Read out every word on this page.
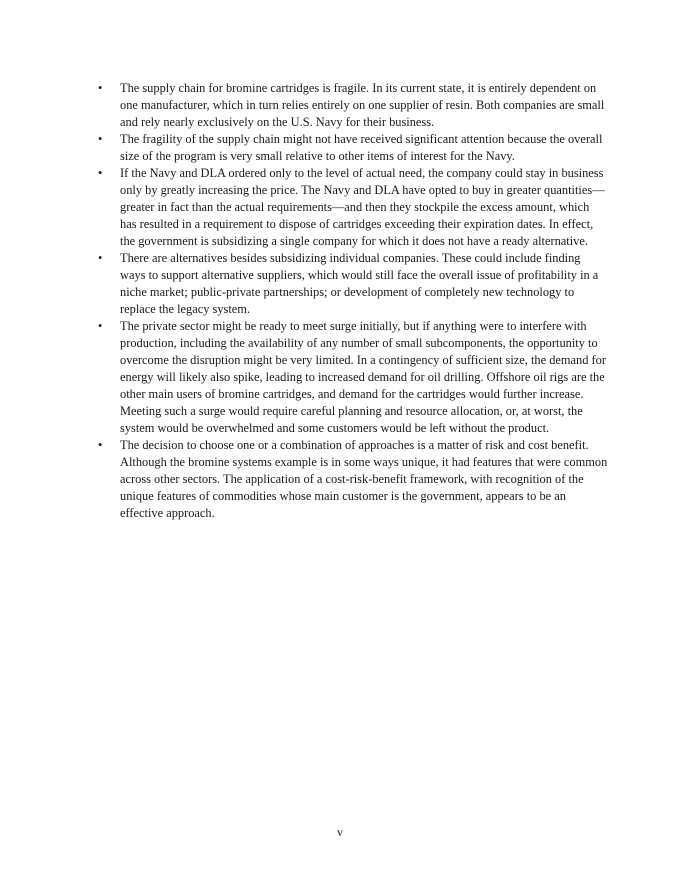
• The supply chain for bromine cartridges is fragile. In its current state, it is entirely dependent on one manufacturer, which in turn relies entirely on one supplier of resin. Both companies are small and rely nearly exclusively on the U.S. Navy for their business.
• The fragility of the supply chain might not have received significant attention because the overall size of the program is very small relative to other items of interest for the Navy.
• If the Navy and DLA ordered only to the level of actual need, the company could stay in business only by greatly increasing the price. The Navy and DLA have opted to buy in greater quantities—greater in fact than the actual requirements—and then they stockpile the excess amount, which has resulted in a requirement to dispose of cartridges exceeding their expiration dates. In effect, the government is subsidizing a single company for which it does not have a ready alternative.
• There are alternatives besides subsidizing individual companies. These could include finding ways to support alternative suppliers, which would still face the overall issue of profitability in a niche market; public-private partnerships; or development of completely new technology to replace the legacy system.
• The private sector might be ready to meet surge initially, but if anything were to interfere with production, including the availability of any number of small subcomponents, the opportunity to overcome the disruption might be very limited. In a contingency of sufficient size, the demand for energy will likely also spike, leading to increased demand for oil drilling. Offshore oil rigs are the other main users of bromine cartridges, and demand for the cartridges would further increase. Meeting such a surge would require careful planning and resource allocation, or, at worst, the system would be overwhelmed and some customers would be left without the product.
• The decision to choose one or a combination of approaches is a matter of risk and cost benefit. Although the bromine systems example is in some ways unique, it had features that were common across other sectors. The application of a cost-risk-benefit framework, with recognition of the unique features of commodities whose main customer is the government, appears to be an effective approach.
v
